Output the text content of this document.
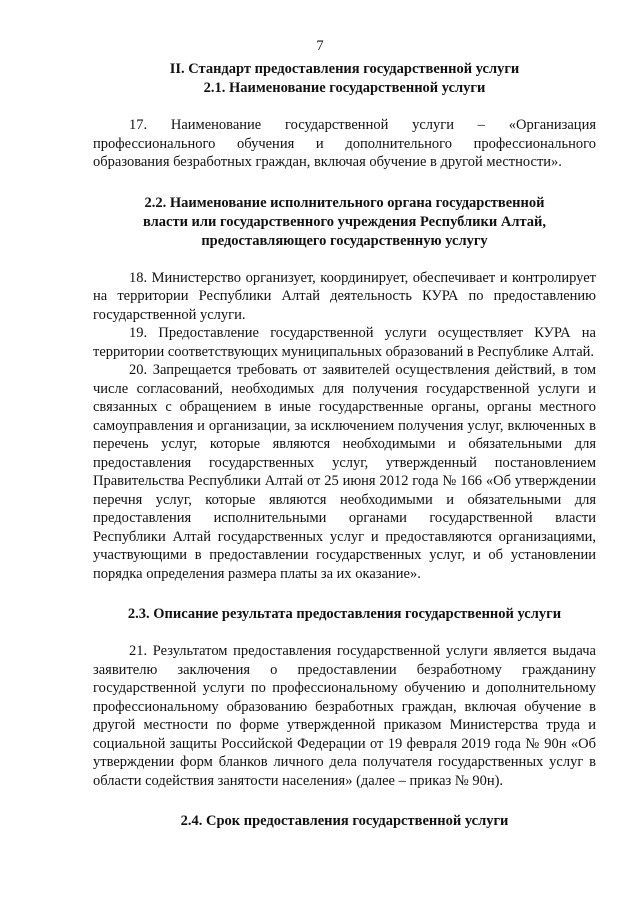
7

II. Стандарт предоставления государственной услуги

2.1. Наименование государственной услуги

17. Наименование государственной услуги – «Организация профессионального обучения и дополнительного профессионального образования безработных граждан, включая обучение в другой местности».

2.2. Наименование исполнительного органа государственной

власти или государственного учреждения Республики Алтай,

предоставляющего государственную услугу

18. Министерство организует, координирует, обеспечивает и контролирует на территории Республики Алтай деятельность КУРА по предоставлению государственной услуги.

19. Предоставление государственной услуги осуществляет КУРА на территории соответствующих муниципальных образований в Республике Алтай.

20. Запрещается требовать от заявителей осуществления действий, в том числе согласований, необходимых для получения государственной услуги и связанных с обращением в иные государственные органы, органы местного самоуправления и организации, за исключением получения услуг, включенных в перечень услуг, которые являются необходимыми и обязательными для предоставления государственных услуг, утвержденный постановлением Правительства Республики Алтай от 25 июня 2012 года № 166 «Об утверждении перечня услуг, которые являются необходимыми и обязательными для предоставления исполнительными органами государственной власти Республики Алтай государственных услуг и предоставляются организациями, участвующими в предоставлении государственных услуг, и об установлении порядка определения размера платы за их оказание».

2.3. Описание результата предоставления государственной услуги

21. Результатом предоставления государственной услуги является выдача заявителю заключения о предоставлении безработному гражданину государственной услуги по профессиональному обучению и дополнительному профессиональному образованию безработных граждан, включая обучение в другой местности по форме утвержденной приказом Министерства труда и социальной защиты Российской Федерации от 19 февраля 2019 года № 90н «Об утверждении форм бланков личного дела получателя государственных услуг в области содействия занятости населения» (далее – приказ № 90н).

2.4. Срок предоставления государственной услуги
